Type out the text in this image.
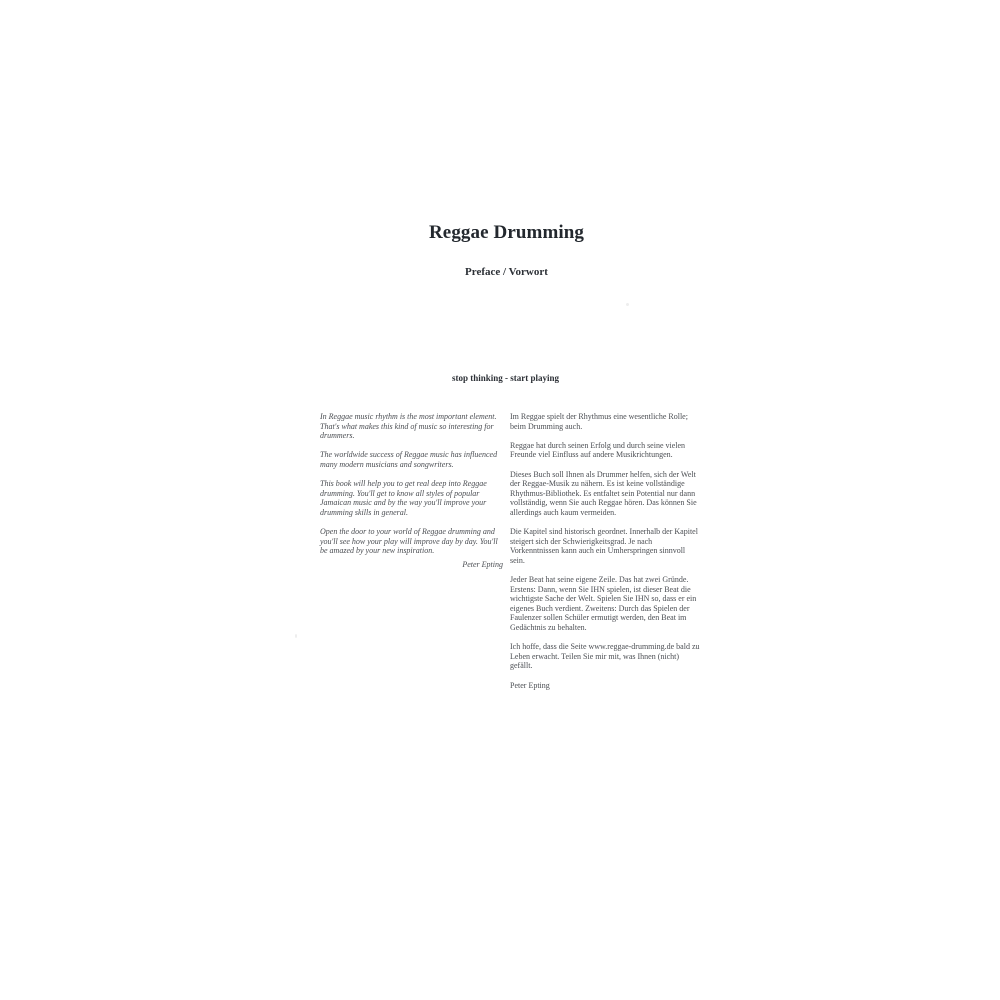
Reggae Drumming
Preface / Vorwort
stop thinking - start playing

In Reggae music rhythm is the most important element. That's what makes this kind of music so interesting for drummers.

The worldwide success of Reggae music has influenced many modern musicians and songwriters.

This book will help you to get real deep into Reggae drumming. You'll get to know all styles of popular Jamaican music and by the way you'll improve your drumming skills in general.

Open the door to your world of Reggae drumming and you'll see how your play will improve day by day. You'll be amazed by your new inspiration.

Peter Epting

Im Reggae spielt der Rhythmus eine wesentliche Rolle; beim Drumming auch.

Reggae hat durch seinen Erfolg und durch seine vielen Freunde viel Einfluss auf andere Musikrichtungen.

Dieses Buch soll Ihnen als Drummer helfen, sich der Welt der Reggae-Musik zu nähern. Es ist keine vollständige Rhythmus-Bibliothek. Es entfaltet sein Potential nur dann vollständig, wenn Sie auch Reggae hören. Das können Sie allerdings auch kaum vermeiden.

Die Kapitel sind historisch geordnet. Innerhalb der Kapitel steigert sich der Schwierigkeitsgrad. Je nach Vorkenntnissen kann auch ein Umherspringen sinnvoll sein.

Jeder Beat hat seine eigene Zeile. Das hat zwei Gründe. Erstens: Dann, wenn Sie IHN spielen, ist dieser Beat die wichtigste Sache der Welt. Spielen Sie IHN so, dass er ein eigenes Buch verdient. Zweitens: Durch das Spielen der Faulenzer sollen Schüler ermutigt werden, den Beat im Gedächtnis zu behalten.

Ich hoffe, dass die Seite www.reggae-drumming.de bald zu Leben erwacht. Teilen Sie mir mit, was Ihnen (nicht) gefällt.

Peter Epting
